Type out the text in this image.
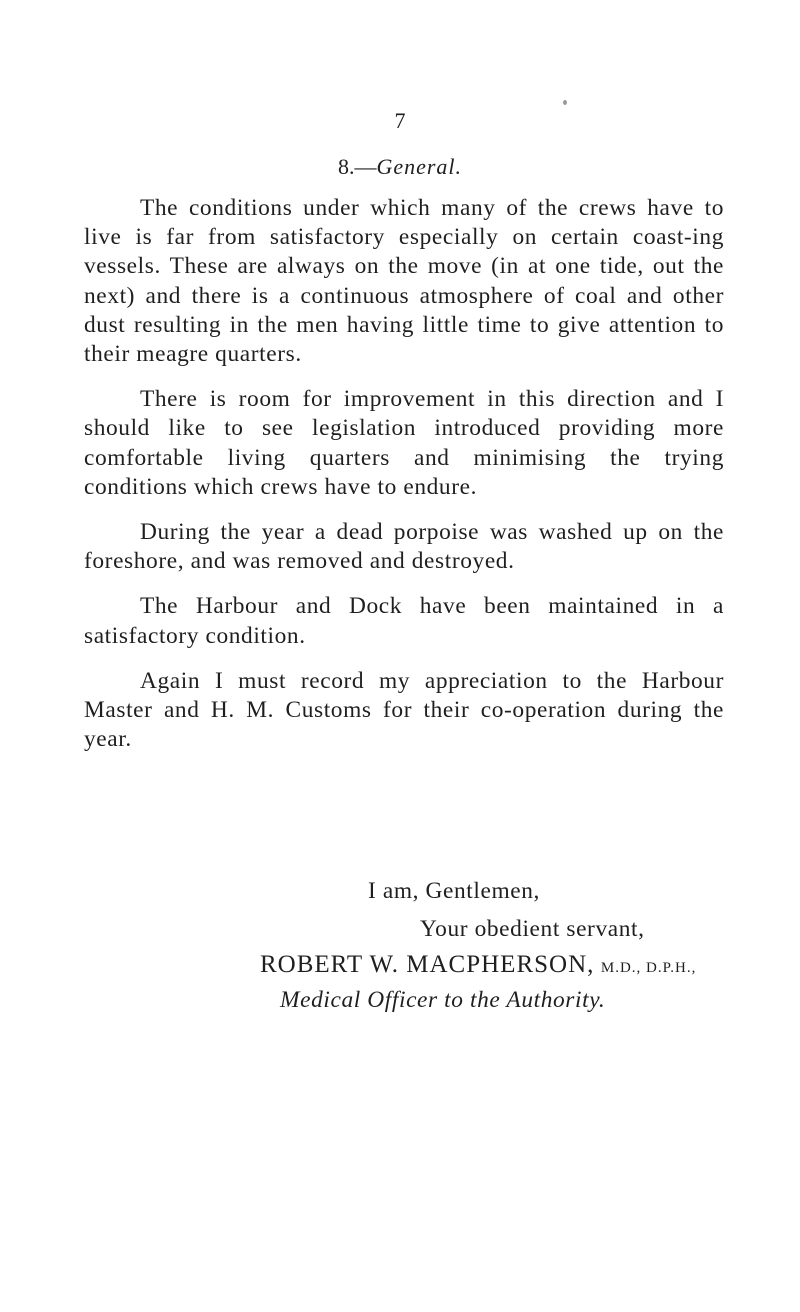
7
8.—General.

The conditions under which many of the crews have to live is far from satisfactory especially on certain coast-ing vessels. These are always on the move (in at one tide, out the next) and there is a continuous atmosphere of coal and other dust resulting in the men having little time to give attention to their meagre quarters.

There is room for improvement in this direction and I should like to see legislation introduced providing more comfortable living quarters and minimising the trying conditions which crews have to endure.

During the year a dead porpoise was washed up on the foreshore, and was removed and destroyed.

The Harbour and Dock have been maintained in a satisfactory condition.

Again I must record my appreciation to the Harbour Master and H. M. Customs for their co-operation during the year.

I am, Gentlemen,

Your obedient servant,

ROBERT W. MACPHERSON, M.D., D.P.H.,

Medical Officer to the Authority.
